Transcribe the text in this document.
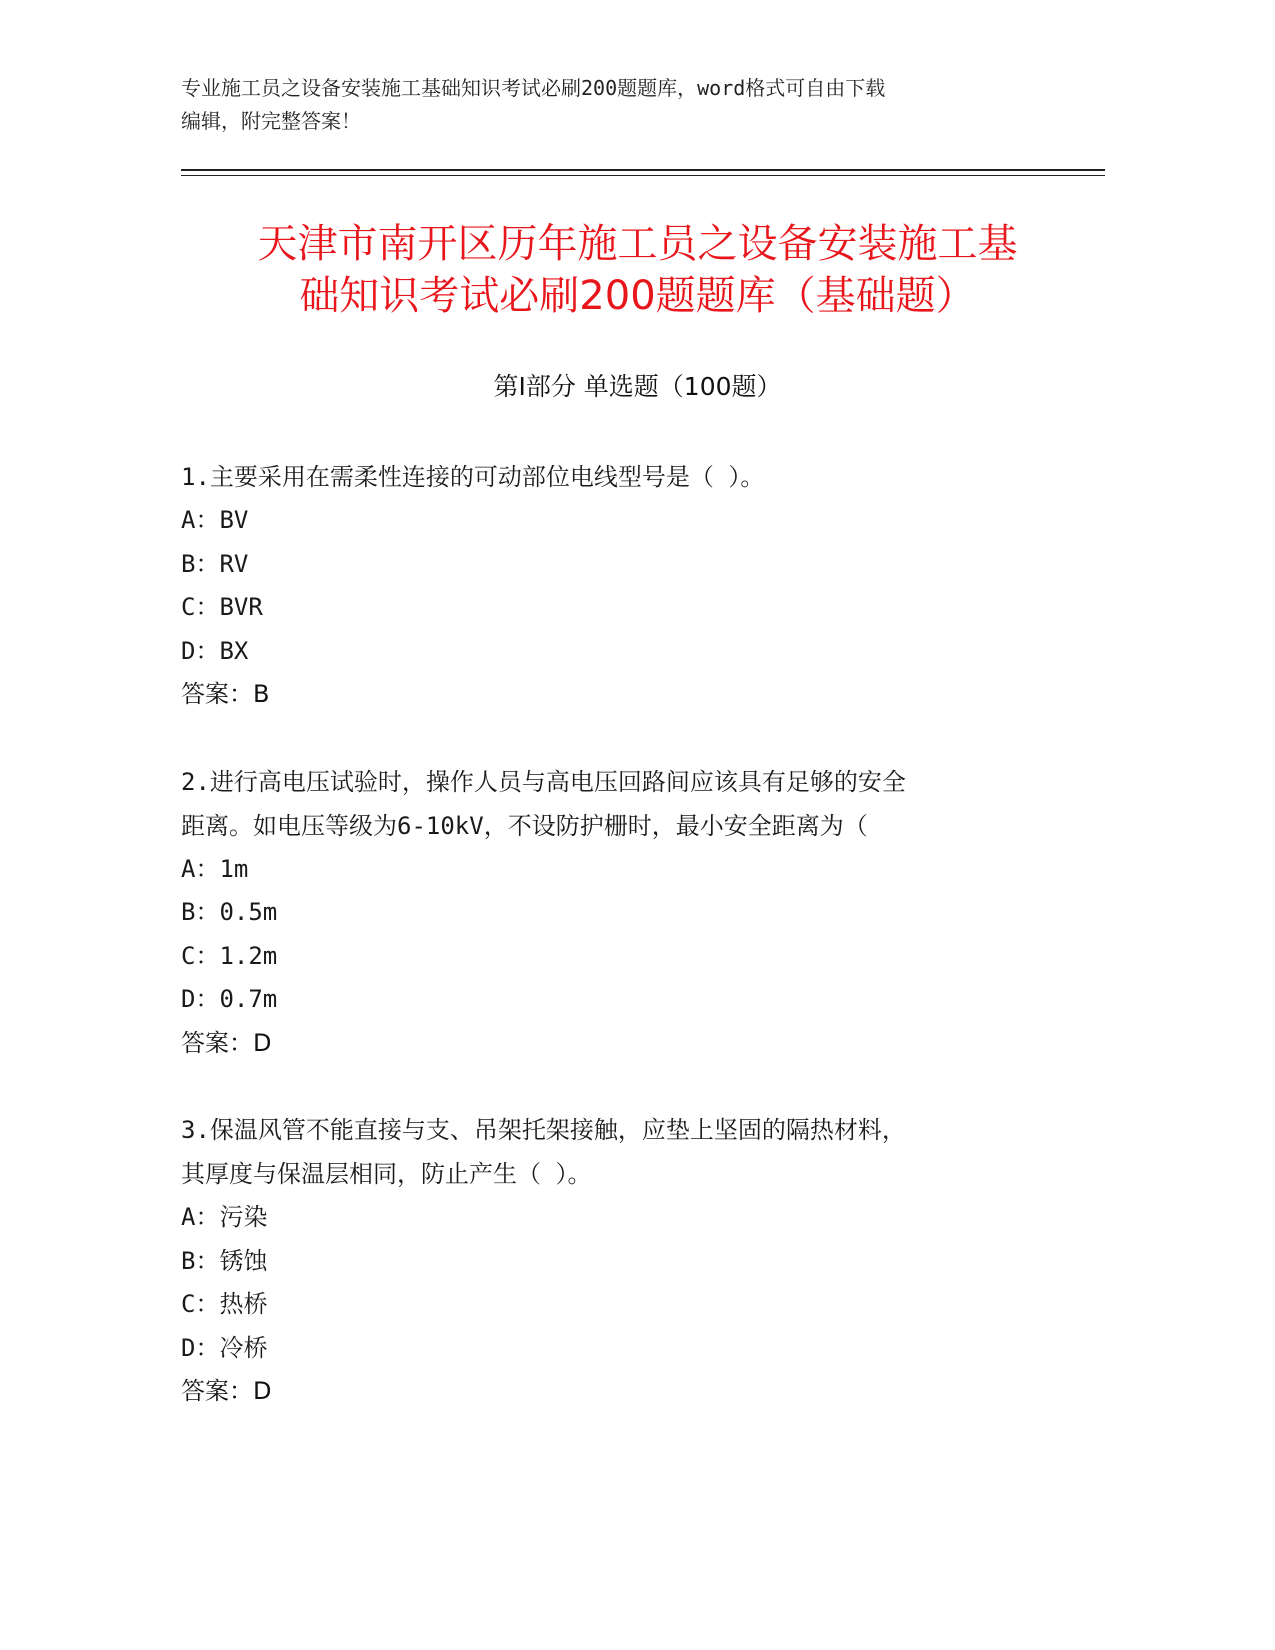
专业施工员之设备安装施工基础知识考试必刷200题题库，word格式可自由下载
编辑，附完整答案！
天津市南开区历年施工员之设备安装施工基
础知识考试必刷200题题库（基础题）
第I部分 单选题（100题）

1.主要采用在需柔性连接的可动部位电线型号是（ ）。

A：BV

B：RV

C：BVR

D：BX

答案：B

2.进行高电压试验时，操作人员与高电压回路间应该具有足够的安全

距离。如电压等级为6-10kV，不设防护栅时，最小安全距离为（

A：1m

B：0.5m

C：1.2m

D：0.7m

答案：D

3.保温风管不能直接与支、吊架托架接触，应垫上坚固的隔热材料，

其厚度与保温层相同，防止产生（ ）。

A：污染

B：锈蚀

C：热桥

D：冷桥

答案：D
